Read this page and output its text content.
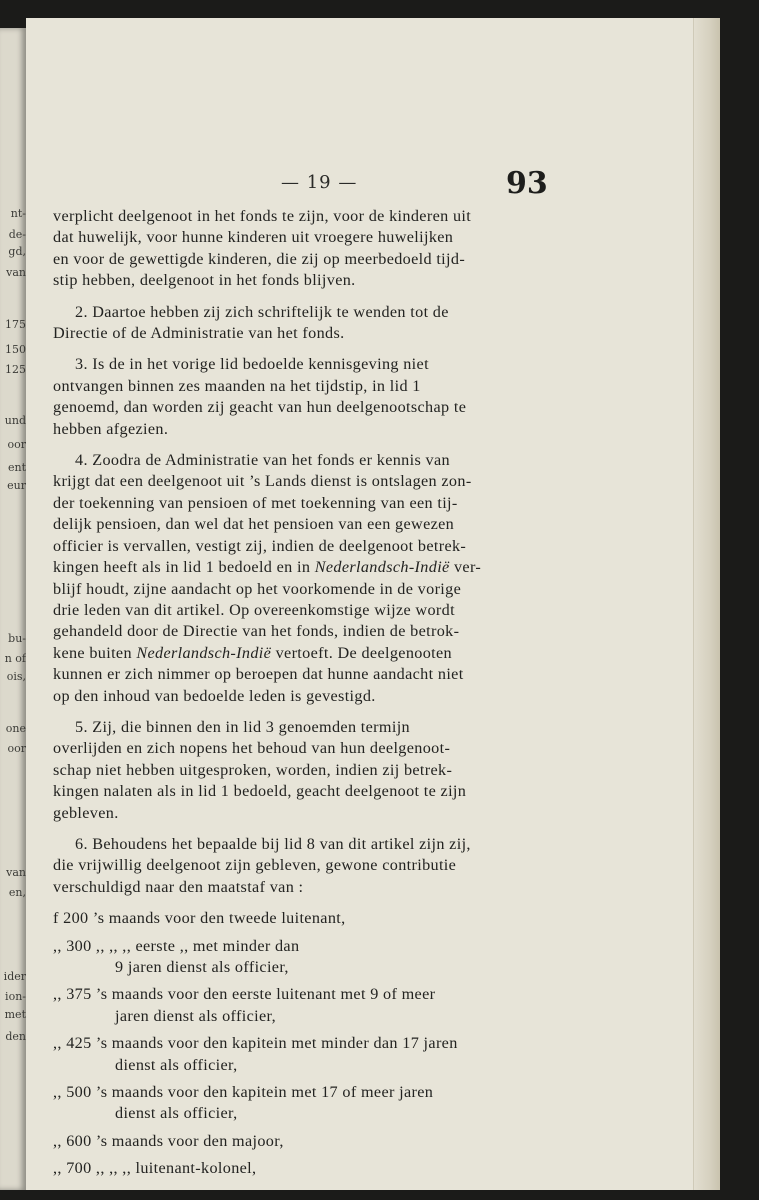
nt-
de-
gd,
van
175
150
125
und
oor
ent
eur
bu-
n of
ois,
one
oor
van
en,
ider
ion-
met
den
— 19 —	93
verplicht deelgenoot in het fonds te zijn, voor de kinderen uit
dat huwelijk, voor hunne kinderen uit vroegere huwelijken
en voor de gewettigde kinderen, die zij op meerbedoeld tijd-
stip hebben, deelgenoot in het fonds blijven.
2. Daartoe hebben zij zich schriftelijk te wenden tot de
Directie of de Administratie van het fonds.
3. Is de in het vorige lid bedoelde kennisgeving niet
ontvangen binnen zes maanden na het tijdstip, in lid 1
genoemd, dan worden zij geacht van hun deelgenootschap te
hebben afgezien.
4. Zoodra de Administratie van het fonds er kennis van
krijgt dat een deelgenoot uit ’s Lands dienst is ontslagen zon-
der toekenning van pensioen of met toekenning van een tij-
delijk pensioen, dan wel dat het pensioen van een gewezen
officier is vervallen, vestigt zij, indien de deelgenoot betrek-
kingen heeft als in lid 1 bedoeld en in Nederlandsch-Indië ver-
blijf houdt, zijne aandacht op het voorkomende in de vorige
drie leden van dit artikel. Op overeenkomstige wijze wordt
gehandeld door de Directie van het fonds, indien de betrok-
kene buiten Nederlandsch-Indië vertoeft. De deelgenooten
kunnen er zich nimmer op beroepen dat hunne aandacht niet
op den inhoud van bedoelde leden is gevestigd.
5. Zij, die binnen den in lid 3 genoemden termijn
overlijden en zich nopens het behoud van hun deelgenoot-
schap niet hebben uitgesproken, worden, indien zij betrek-
kingen nalaten als in lid 1 bedoeld, geacht deelgenoot te zijn
gebleven.
6. Behoudens het bepaalde bij lid 8 van dit artikel zijn zij,
die vrijwillig deelgenoot zijn gebleven, gewone contributie
verschuldigd naar den maatstaf van :
f 200 ’s maands voor den tweede luitenant,
,, 300 ,, ,, ,, eerste ,, met minder dan
9 jaren dienst als officier,
,, 375 ’s maands voor den eerste luitenant met 9 of meer
jaren dienst als officier,
,, 425 ’s maands voor den kapitein met minder dan 17 jaren
dienst als officier,
,, 500 ’s maands voor den kapitein met 17 of meer jaren
dienst als officier,
,, 600 ’s maands voor den majoor,
,, 700 ,, ,, ,, luitenant-kolonel,
